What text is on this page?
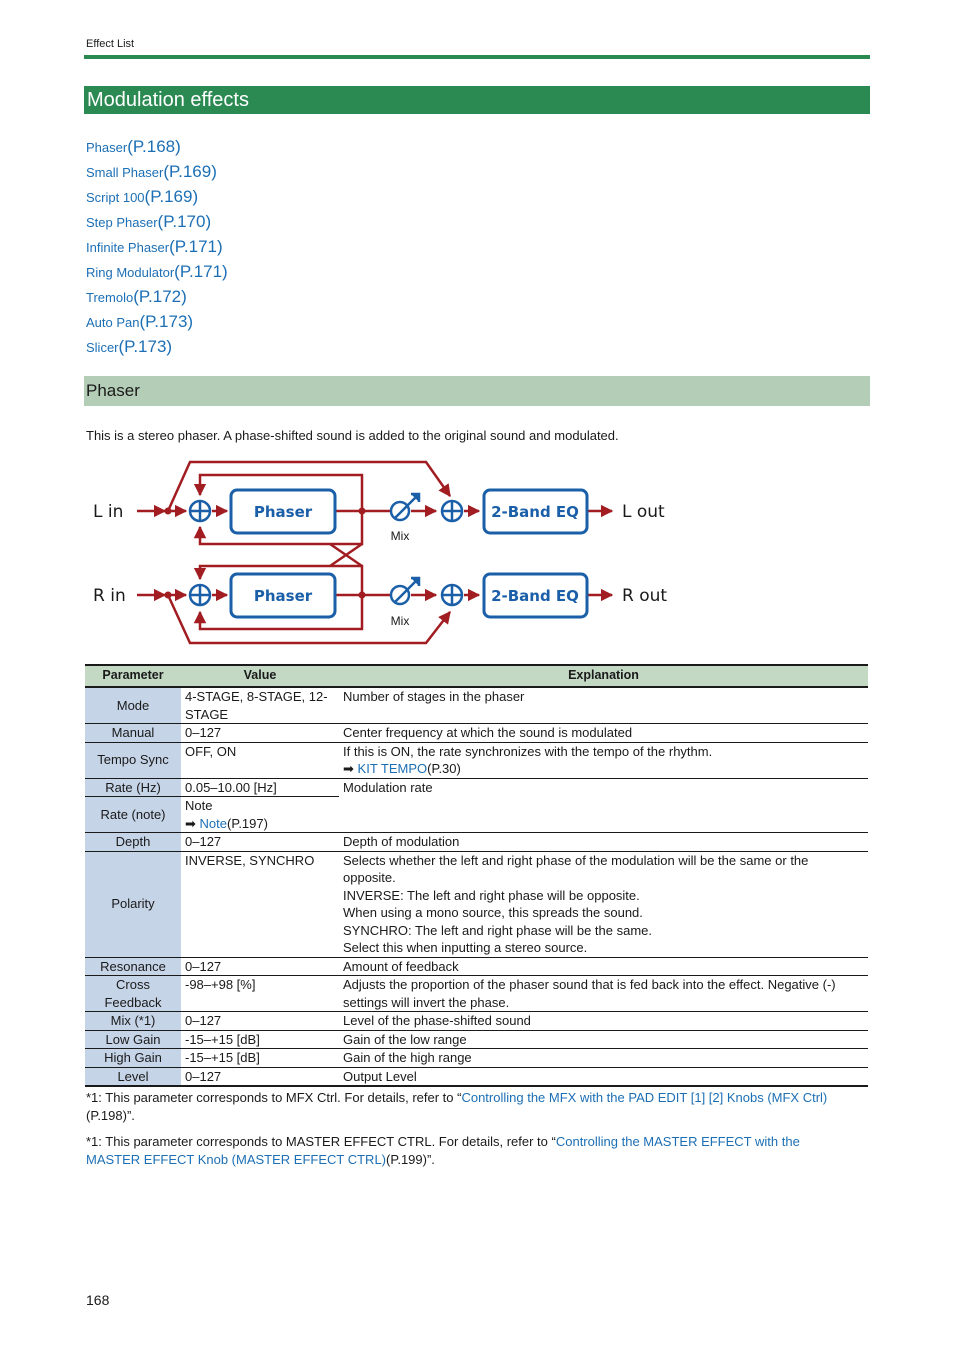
Effect List
Modulation effects
Phaser(P.168)
Small Phaser(P.169)
Script 100(P.169)
Step Phaser(P.170)
Infinite Phaser(P.171)
Ring Modulator(P.171)
Tremolo(P.172)
Auto Pan(P.173)
Slicer(P.173)
Phaser
This is a stereo phaser. A phase-shifted sound is added to the original sound and modulated.
Phaser
Phaser
2-Band EQ
2-Band EQ
L in
R in
L out
R out
Mix
Mix
Parameter	Value	Explanation
Mode	4-STAGE, 8-STAGE, 12-STAGE	Number of stages in the phaser
Manual	0–127	Center frequency at which the sound is modulated
Tempo Sync	OFF, ON	If this is ON, the rate synchronizes with the tempo of the rhythm.
➡ KIT TEMPO(P.30)

Rate (Hz)	0.05–10.00 [Hz]	Modulation rate
Rate (note)	Note
➡ Note(P.197)	

Depth	0–127	Depth of modulation
Polarity	INVERSE, SYNCHRO	Selects whether the left and right phase of the modulation will be the same or the opposite.
INVERSE: The left and right phase will be opposite.
When using a mono source, this spreads the sound.
SYNCHRO: The left and right phase will be the same.
Select this when inputting a stereo source.

Resonance	0–127	Amount of feedback
Cross Feedback	-98–+98 [%]	Adjusts the proportion of the phaser sound that is fed back into the effect. Negative (-) settings will invert the phase.
Mix (*1)	0–127	Level of the phase-shifted sound
Low Gain	-15–+15 [dB]	Gain of the low range
High Gain	-15–+15 [dB]	Gain of the high range
Level	0–127	Output Level
*1: This parameter corresponds to MFX Ctrl. For details, refer to “Controlling the MFX with the PAD EDIT [1] [2] Knobs (MFX Ctrl)(P.198)”.
*1: This parameter corresponds to MASTER EFFECT CTRL. For details, refer to “Controlling the MASTER EFFECT with the MASTER EFFECT Knob (MASTER EFFECT CTRL)(P.199)”.
168
